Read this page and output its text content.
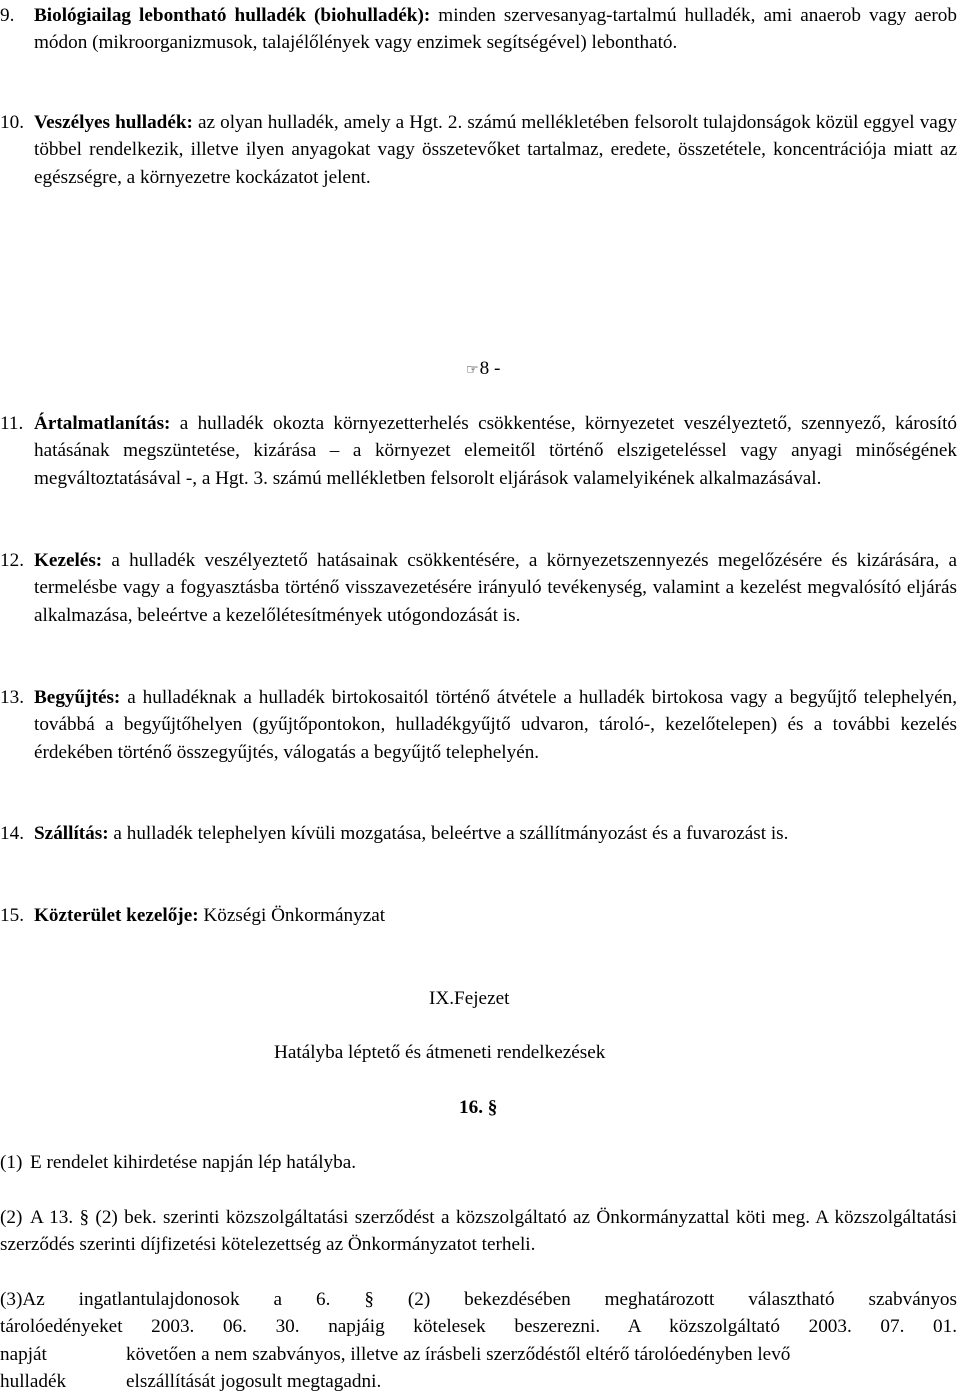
9. Biológiailag lebontható hulladék (biohulladék): minden szervesanyag-tartalmú hulladék, ami anaerob vagy aerob módon (mikroorganizmusok, talajélőlények vagy enzimek segítségével) lebontható.
10. Veszélyes hulladék: az olyan hulladék, amely a Hgt. 2. számú mellékletében felsorolt tulajdonságok közül eggyel vagy többel rendelkezik, illetve ilyen anyagokat vagy összetevőket tartalmaz, eredete, összetétele, koncentrációja miatt az egészségre, a környezetre kockázatot jelent.
☞8 -
11. Ártalmatlanítás: a hulladék okozta környezetterhelés csökkentése, környezetet veszélyeztető, szennyező, károsító hatásának megszüntetése, kizárása – a környezet elemeitől történő elszigeteléssel vagy anyagi minőségének megváltoztatásával -, a Hgt. 3. számú mellékletben felsorolt eljárások valamelyikének alkalmazásával.
12. Kezelés: a hulladék veszélyeztető hatásainak csökkentésére, a környezetszennyezés megelőzésére és kizárására, a termelésbe vagy a fogyasztásba történő visszavezetésére irányuló tevékenység, valamint a kezelést megvalósító eljárás alkalmazása, beleértve a kezelőlétesítmények utógondozását is.
13. Begyűjtés: a hulladéknak a hulladék birtokosaitól történő átvétele a hulladék birtokosa vagy a begyűjtő telephelyén, továbbá a begyűjtőhelyen (gyűjtőpontokon, hulladékgyűjtő udvaron, tároló-, kezelőtelepen) és a további kezelés érdekében történő összegyűjtés, válogatás a begyűjtő telephelyén.
14. Szállítás: a hulladék telephelyen kívüli mozgatása, beleértve a szállítmányozást és a fuvarozást is.
15. Közterület kezelője: Községi Önkormányzat
IX.Fejezet
Hatályba léptető és átmeneti rendelkezések
16. §
(1) E rendelet kihirdetése napján lép hatályba.
(2) A 13. § (2) bek. szerinti közszolgáltatási szerződést a közszolgáltató az Önkormányzattal köti meg. A közszolgáltatási szerződés szerinti díjfizetési kötelezettség az Önkormányzatot terheli.
(3)Az ingatlantulajdonosok a 6. § (2) bekezdésében meghatározott választható szabványos
tárolóedényeket 2003. 06. 30. napjáig kötelesek beszerezni. A közszolgáltató 2003. 07. 01.
napját	követően a nem szabványos, illetve az írásbeli szerződéstől eltérő tárolóedényben levő
hulladék	elszállítását jogosult megtagadni.
